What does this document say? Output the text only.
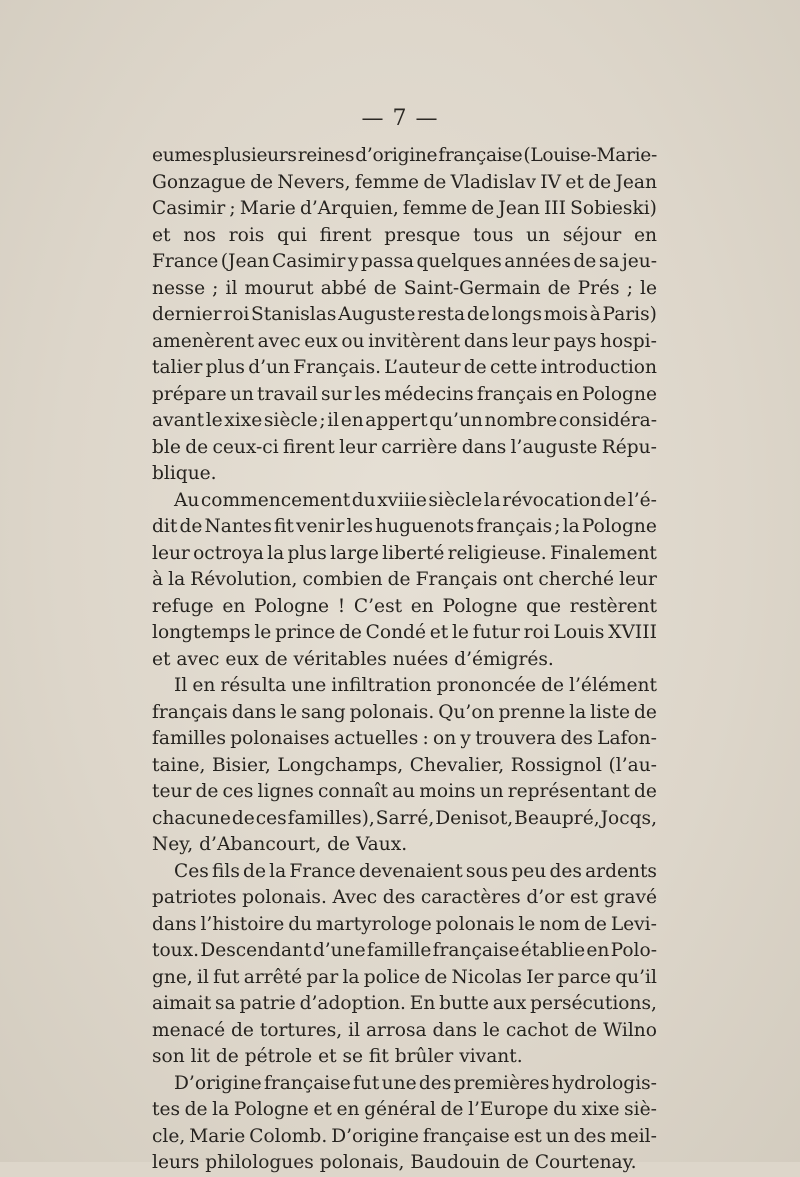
— 7 —
eumes plusieurs reines d’origine française (Louise-Marie-
Gonzague de Nevers, femme de Vladislav IV et de Jean
Casimir ; Marie d’Arquien, femme de Jean III Sobieski)
et nos rois qui firent presque tous un séjour en
France (Jean Casimir y passa quelques années de sa jeu-
nesse ; il mourut abbé de Saint-Germain de Prés ; le
dernier roi Stanislas Auguste resta de longs mois à Paris)
amenèrent avec eux ou invitèrent dans leur pays hospi-
talier plus d’un Français. L’auteur de cette introduction
prépare un travail sur les médecins français en Pologne
avant le xixe siècle ; il en appert qu’un nombre considéra-
ble de ceux-ci firent leur carrière dans l’auguste Répu-
blique.
Au commencement du xviiie siècle la révocation de l’é-
dit de Nantes fit venir les huguenots français ; la Pologne
leur octroya la plus large liberté religieuse. Finalement
à la Révolution, combien de Français ont cherché leur
refuge en Pologne ! C’est en Pologne que restèrent
longtemps le prince de Condé et le futur roi Louis XVIII
et avec eux de véritables nuées d’émigrés.
Il en résulta une infiltration prononcée de l’élément
français dans le sang polonais. Qu’on prenne la liste de
familles polonaises actuelles : on y trouvera des Lafon-
taine, Bisier, Longchamps, Chevalier, Rossignol (l’au-
teur de ces lignes connaît au moins un représentant de
chacune de ces familles), Sarré, Denisot, Beaupré, Jocqs,
Ney, d’Abancourt, de Vaux.
Ces fils de la France devenaient sous peu des ardents
patriotes polonais. Avec des caractères d’or est gravé
dans l’histoire du martyrologe polonais le nom de Levi-
toux. Descendant d’une famille française établie en Polo-
gne, il fut arrêté par la police de Nicolas Ier parce qu’il
aimait sa patrie d’adoption. En butte aux persécutions,
menacé de tortures, il arrosa dans le cachot de Wilno
son lit de pétrole et se fit brûler vivant.
D’origine française fut une des premières hydrologis-
tes de la Pologne et en général de l’Europe du xixe siè-
cle, Marie Colomb. D’origine française est un des meil-
leurs philologues polonais, Baudouin de Courtenay.
